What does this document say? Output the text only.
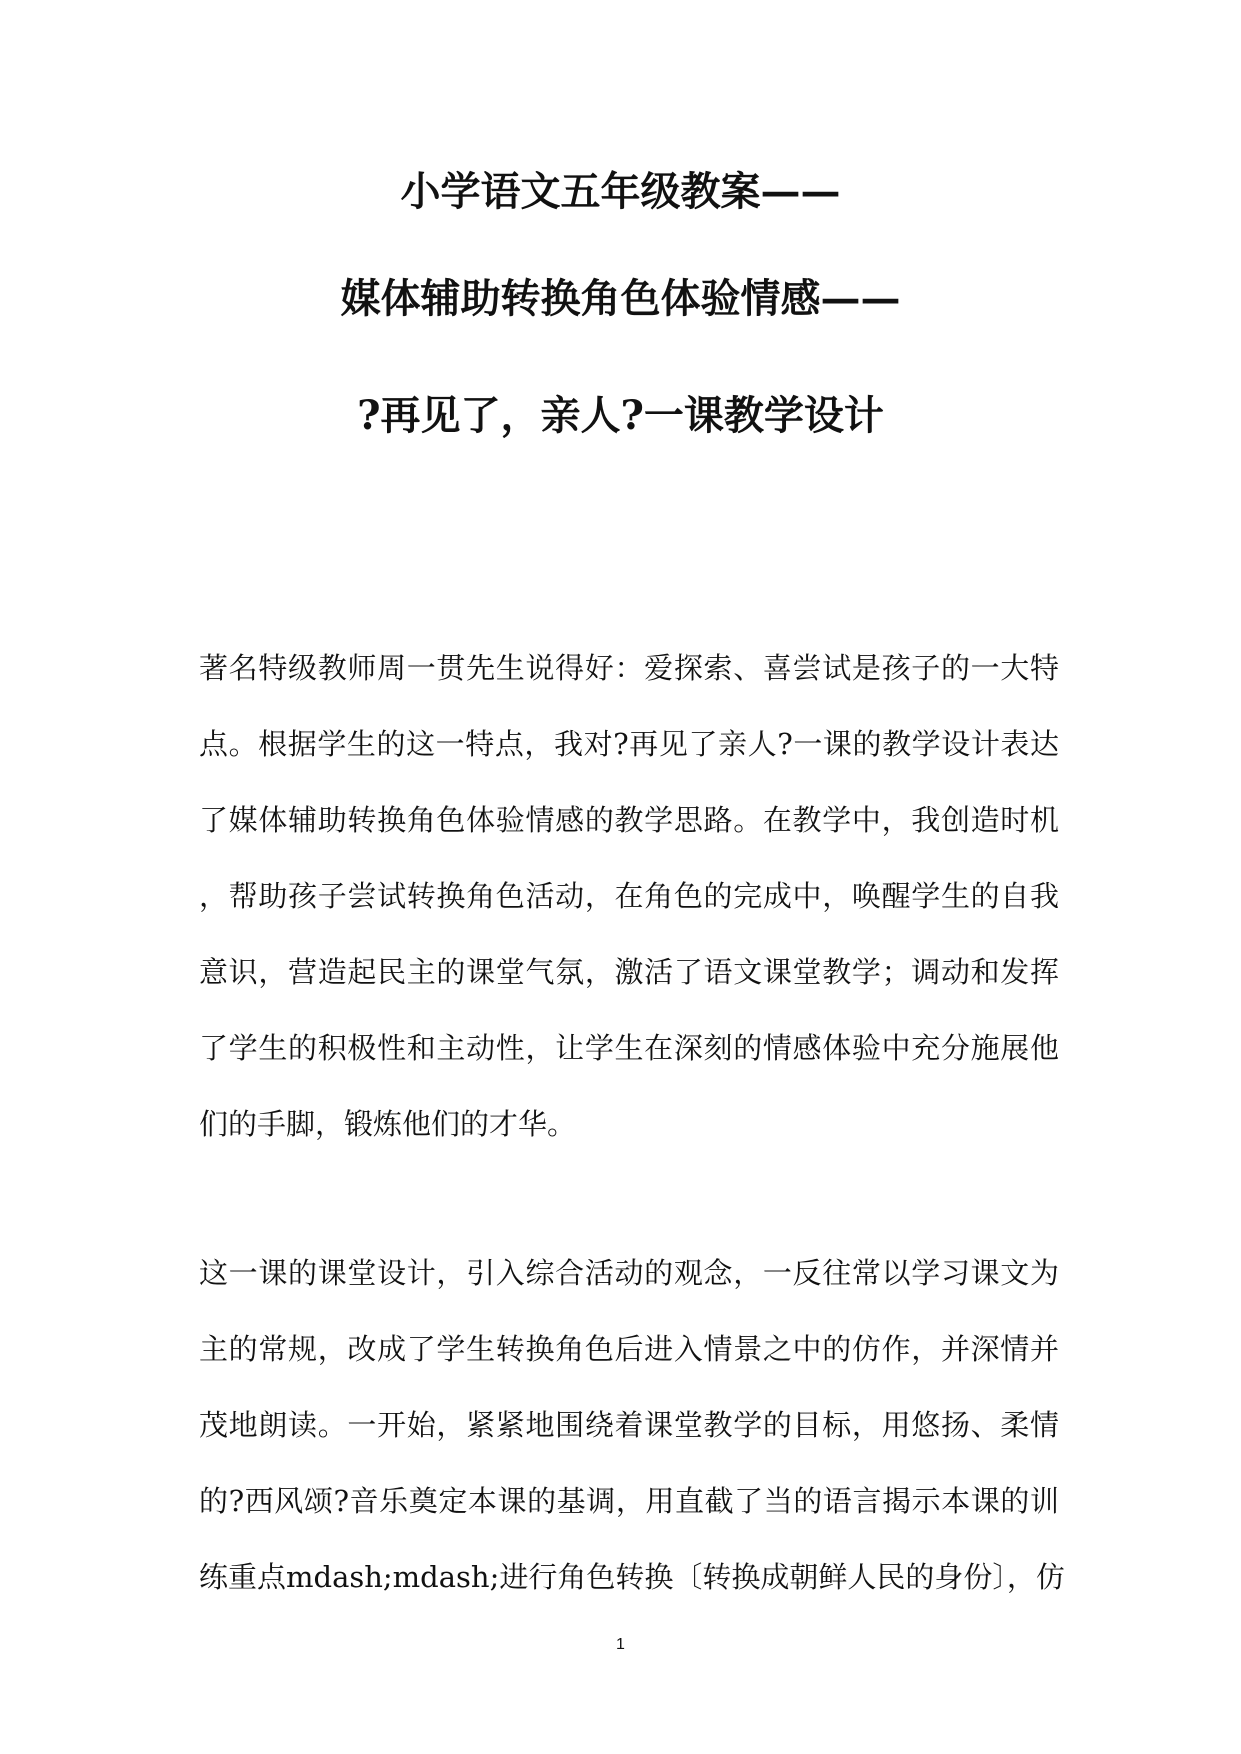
小学语文五年级教案——
媒体辅助转换角色体验情感——
?再见了，亲人?一课教学设计
著名特级教师周一贯先生说得好：爱探索、喜尝试是孩子的一大特
点。根据学生的这一特点，我对?再见了亲人?一课的教学设计表达
了媒体辅助转换角色体验情感的教学思路。在教学中，我创造时机
，帮助孩子尝试转换角色活动，在角色的完成中，唤醒学生的自我
意识，营造起民主的课堂气氛，激活了语文课堂教学；调动和发挥
了学生的积极性和主动性，让学生在深刻的情感体验中充分施展他
们的手脚，锻炼他们的才华。
这一课的课堂设计，引入综合活动的观念，一反往常以学习课文为
主的常规，改成了学生转换角色后进入情景之中的仿作，并深情并
茂地朗读。一开始，紧紧地围绕着课堂教学的目标，用悠扬、柔情
的?西风颂?音乐奠定本课的基调，用直截了当的语言揭示本课的训
练重点mdash;mdash;进行角色转换〔转换成朝鲜人民的身份〕，仿
1
